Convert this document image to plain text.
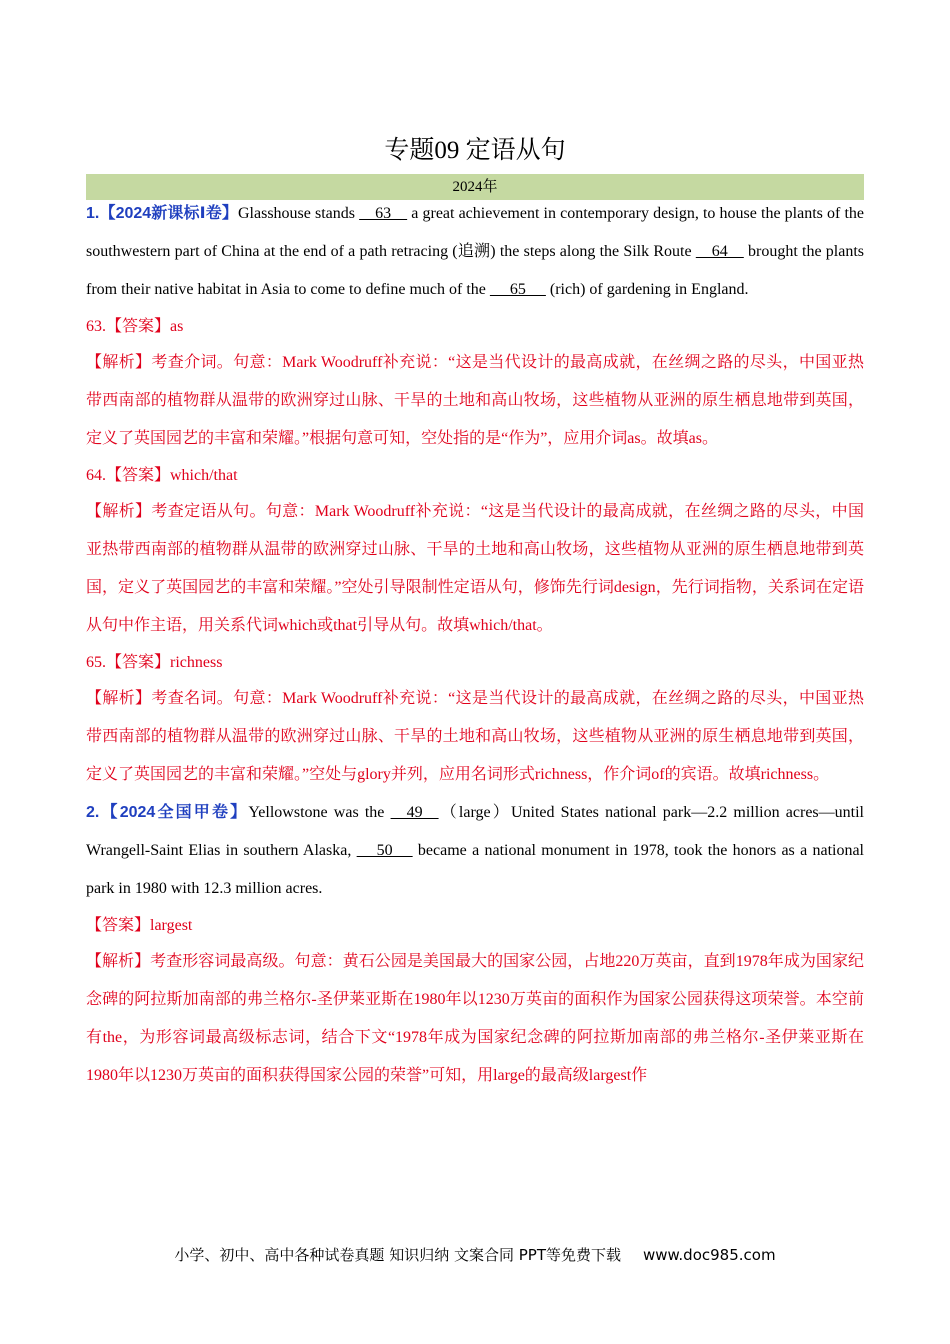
专题09 定语从句
2024年

1.【2024新课标Ⅰ卷】Glasshouse stands     63     a great achievement in contemporary design, to house the plants of the southwestern part of China at the end of a path retracing (追溯) the steps along the Silk Route     64     brought the plants from their native habitat in Asia to come to define much of the      65      (rich) of gardening in England.

63.【答案】as

【解析】考查介词。句意：Mark Woodruff补充说：“这是当代设计的最高成就，在丝绸之路的尽头，中国亚热带西南部的植物群从温带的欧洲穿过山脉、干旱的土地和高山牧场，这些植物从亚洲的原生栖息地带到英国，定义了英国园艺的丰富和荣耀。”根据句意可知，空处指的是“作为”，应用介词as。故填as。

64.【答案】which/that

【解析】考查定语从句。句意：Mark Woodruff补充说：“这是当代设计的最高成就，在丝绸之路的尽头，中国亚热带西南部的植物群从温带的欧洲穿过山脉、干旱的土地和高山牧场，这些植物从亚洲的原生栖息地带到英国，定义了英国园艺的丰富和荣耀。”空处引导限制性定语从句，修饰先行词design，先行词指物，关系词在定语从句中作主语，用关系代词which或that引导从句。故填which/that。

65.【答案】richness

【解析】考查名词。句意：Mark Woodruff补充说：“这是当代设计的最高成就，在丝绸之路的尽头，中国亚热带西南部的植物群从温带的欧洲穿过山脉、干旱的土地和高山牧场，这些植物从亚洲的原生栖息地带到英国，定义了英国园艺的丰富和荣耀。”空处与glory并列，应用名词形式richness，作介词of的宾语。故填richness。

2.【2024全国甲卷】Yellowstone was the     49    （large）United States national park—2.2 million acres—until Wrangell-Saint Elias in southern Alaska,      50      became a national monument in 1978, took the honors as a national park in 1980 with 12.3 million acres.

【答案】largest

【解析】考查形容词最高级。句意：黄石公园是美国最大的国家公园，占地220万英亩，直到1978年成为国家纪念碑的阿拉斯加南部的弗兰格尔-圣伊莱亚斯在1980年以1230万英亩的面积作为国家公园获得这项荣誉。本空前有the，为形容词最高级标志词，结合下文“1978年成为国家纪念碑的阿拉斯加南部的弗兰格尔-圣伊莱亚斯在1980年以1230万英亩的面积获得国家公园的荣誉”可知，用large的最高级largest作

小学、初中、高中各种试卷真题 知识归纳 文案合同 PPT等免费下载 www.doc985.com
